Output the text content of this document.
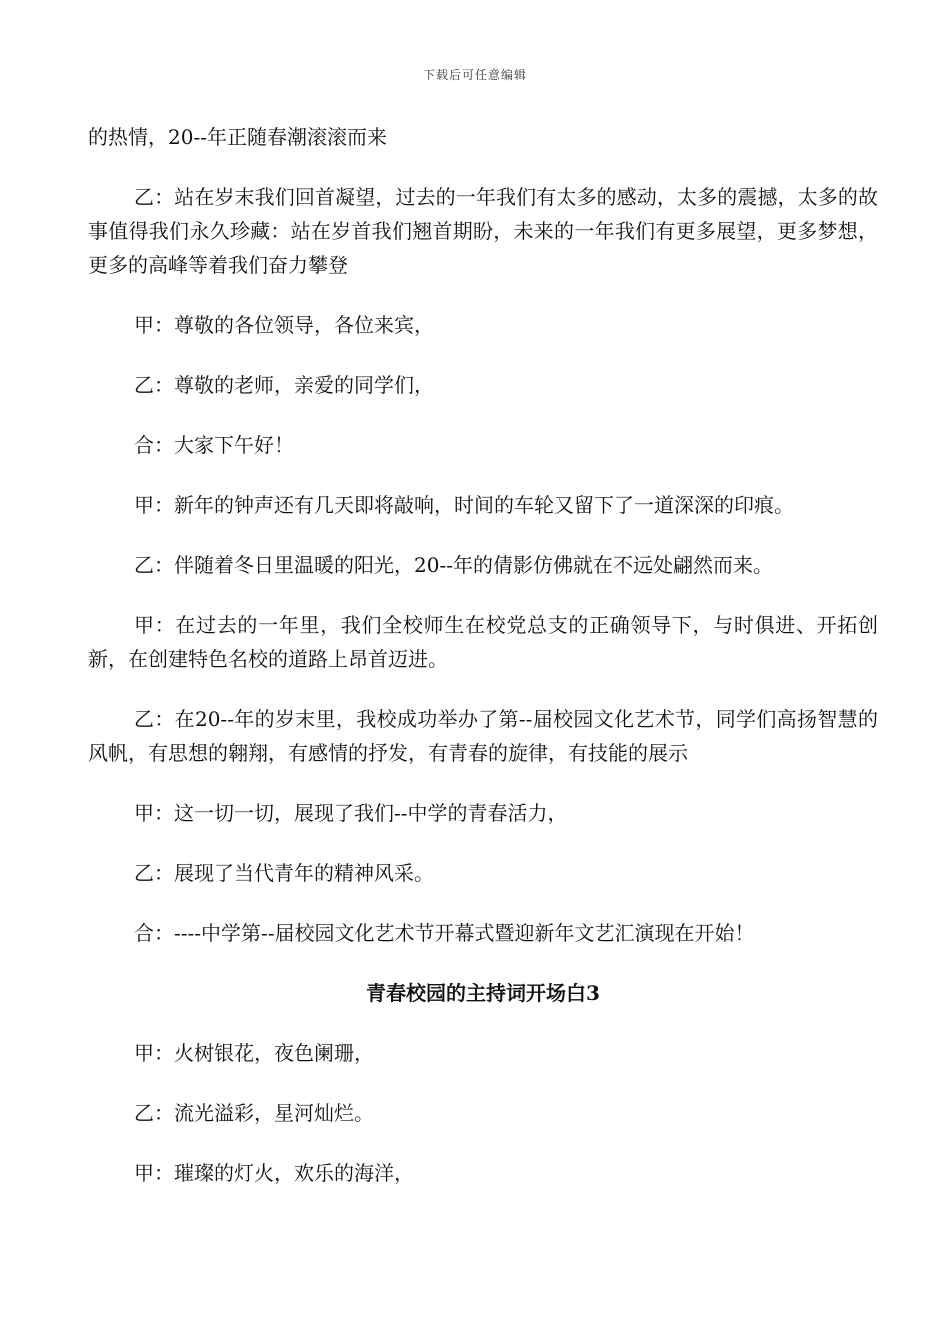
下载后可任意编辑

的热情，20--年正随春潮滚滚而来

乙：站在岁末我们回首凝望，过去的一年我们有太多的感动，太多的震撼，太多的故事值得我们永久珍藏：站在岁首我们翘首期盼，未来的一年我们有更多展望，更多梦想，更多的高峰等着我们奋力攀登

甲：尊敬的各位领导，各位来宾，

乙：尊敬的老师，亲爱的同学们，

合：大家下午好！

甲：新年的钟声还有几天即将敲响，时间的车轮又留下了一道深深的印痕。

乙：伴随着冬日里温暖的阳光，20--年的倩影仿佛就在不远处翩然而来。

甲：在过去的一年里，我们全校师生在校党总支的正确领导下，与时俱进、开拓创新，在创建特色名校的道路上昂首迈进。

乙：在20--年的岁末里，我校成功举办了第--届校园文化艺术节，同学们高扬智慧的风帆，有思想的翱翔，有感情的抒发，有青春的旋律，有技能的展示

甲：这一切一切，展现了我们--中学的青春活力，

乙：展现了当代青年的精神风采。

合：----中学第--届校园文化艺术节开幕式暨迎新年文艺汇演现在开始！

青春校园的主持词开场白3

甲：火树银花，夜色阑珊，

乙：流光溢彩，星河灿烂。

甲：璀璨的灯火，欢乐的海洋，
